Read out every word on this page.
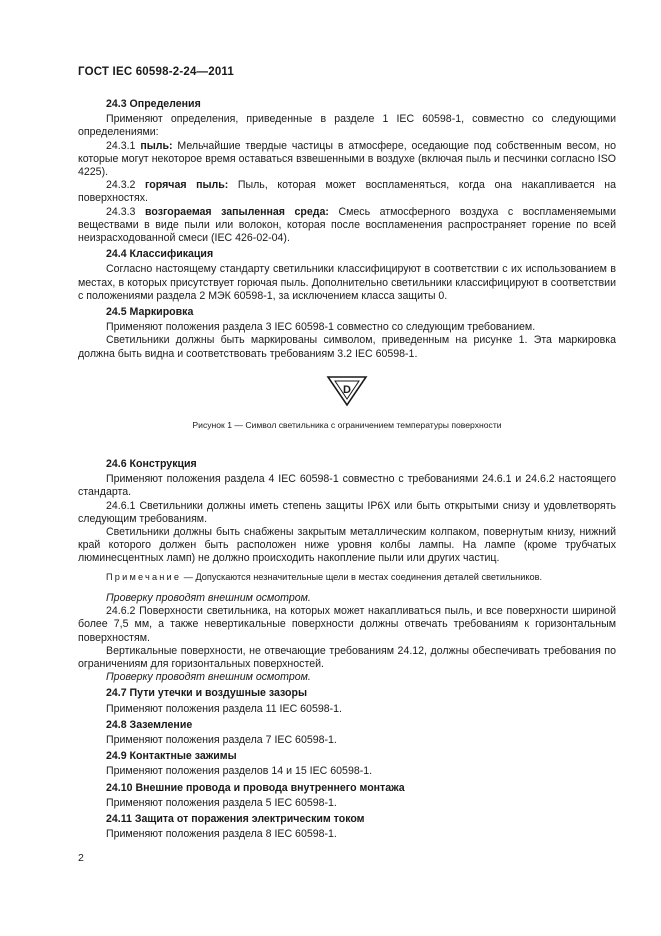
ГОСТ IEC 60598-2-24—2011

24.3 Определения

Применяют определения, приведенные в разделе 1 IEC 60598-1, совместно со следующими определениями:

24.3.1 пыль: Мельчайшие твердые частицы в атмосфере, оседающие под собственным весом, но которые могут некоторое время оставаться взвешенными в воздухе (включая пыль и песчинки согласно ISO 4225).

24.3.2 горячая пыль: Пыль, которая может воспламеняться, когда она накапливается на поверхностях.

24.3.3 возгораемая запыленная среда: Смесь атмосферного воздуха с воспламеняемыми веществами в виде пыли или волокон, которая после воспламенения распространяет горение по всей неизрасходованной смеси (IEC 426-02-04).

24.4 Классификация

Согласно настоящему стандарту светильники классифицируют в соответствии с их использованием в местах, в которых присутствует горючая пыль. Дополнительно светильники классифицируют в соответствии с положениями раздела 2 МЭК 60598-1, за исключением класса защиты 0.

24.5 Маркировка

Применяют положения раздела 3 IEC 60598-1 совместно со следующим требованием.

Светильники должны быть маркированы символом, приведенным на рисунке 1. Эта маркировка должна быть видна и соответствовать требованиям 3.2 IEC 60598-1.

D

Рисунок 1 — Символ светильника с ограничением температуры поверхности

24.6 Конструкция

Применяют положения раздела 4 IEC 60598-1 совместно с требованиями 24.6.1 и 24.6.2 настоящего стандарта.

24.6.1 Светильники должны иметь степень защиты IP6X или быть открытыми снизу и удовлетворять следующим требованиям.

Светильники должны быть снабжены закрытым металлическим колпаком, повернутым книзу, нижний край которого должен быть расположен ниже уровня колбы лампы. На лампе (кроме трубчатых люминесцентных ламп) не должно происходить накопление пыли или других частиц.

Примечание — Допускаются незначительные щели в местах соединения деталей светильников.

Проверку проводят внешним осмотром.

24.6.2 Поверхности светильника, на которых может накапливаться пыль, и все поверхности шириной более 7,5 мм, а также невертикальные поверхности должны отвечать требованиям к горизонтальным поверхностям.

Вертикальные поверхности, не отвечающие требованиям 24.12, должны обеспечивать требования по ограничениям для горизонтальных поверхностей.

Проверку проводят внешним осмотром.

24.7 Пути утечки и воздушные зазоры

Применяют положения раздела 11 IEC 60598-1.

24.8 Заземление

Применяют положения раздела 7 IEC 60598-1.

24.9 Контактные зажимы

Применяют положения разделов 14 и 15 IEC 60598-1.

24.10 Внешние провода и провода внутреннего монтажа

Применяют положения раздела 5 IEC 60598-1.

24.11 Защита от поражения электрическим током

Применяют положения раздела 8 IEC 60598-1.

2
